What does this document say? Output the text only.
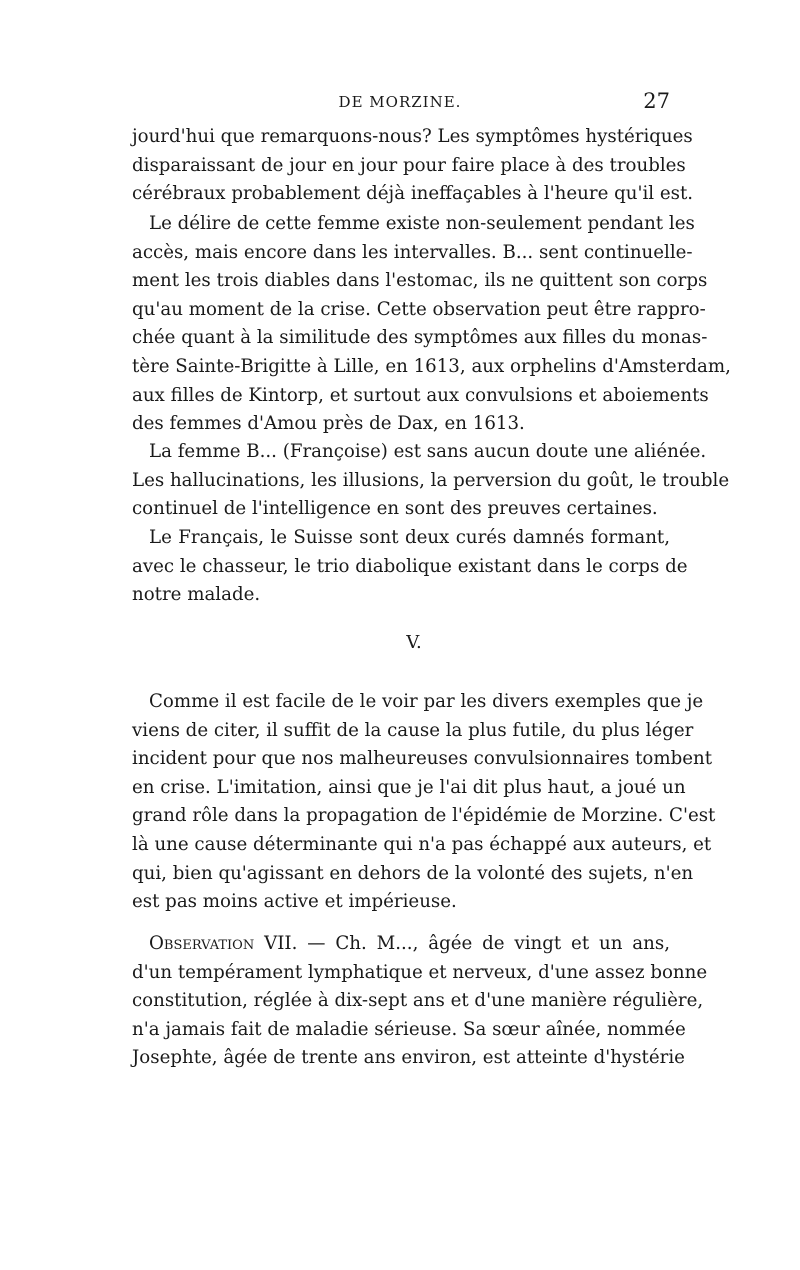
DE MORZINE.	27
jourd'hui que remarquons-nous? Les symptômes hystériques
disparaissant de jour en jour pour faire place à des troubles
cérébraux probablement déjà ineffaçables à l'heure qu'il est.
Le délire de cette femme existe non-seulement pendant les
accès, mais encore dans les intervalles. B... sent continuelle-
ment les trois diables dans l'estomac, ils ne quittent son corps
qu'au moment de la crise. Cette observation peut être rappro-
chée quant à la similitude des symptômes aux filles du monas-
tère Sainte-Brigitte à Lille, en 1613, aux orphelins d'Amsterdam,
aux filles de Kintorp, et surtout aux convulsions et aboiements
des femmes d'Amou près de Dax, en 1613.
La femme B... (Françoise) est sans aucun doute une aliénée.
Les hallucinations, les illusions, la perversion du goût, le trouble
continuel de l'intelligence en sont des preuves certaines.
Le Français, le Suisse sont deux curés damnés formant,
avec le chasseur, le trio diabolique existant dans le corps de
notre malade.
V.
Comme il est facile de le voir par les divers exemples que je
viens de citer, il suffit de la cause la plus futile, du plus léger
incident pour que nos malheureuses convulsionnaires tombent
en crise. L'imitation, ainsi que je l'ai dit plus haut, a joué un
grand rôle dans la propagation de l'épidémie de Morzine. C'est
là une cause déterminante qui n'a pas échappé aux auteurs, et
qui, bien qu'agissant en dehors de la volonté des sujets, n'en
est pas moins active et impérieuse.
Observation VII. — Ch. M..., âgée de vingt et un ans,
d'un tempérament lymphatique et nerveux, d'une assez bonne
constitution, réglée à dix-sept ans et d'une manière régulière,
n'a jamais fait de maladie sérieuse. Sa sœur aînée, nommée
Josephte, âgée de trente ans environ, est atteinte d'hystérie
